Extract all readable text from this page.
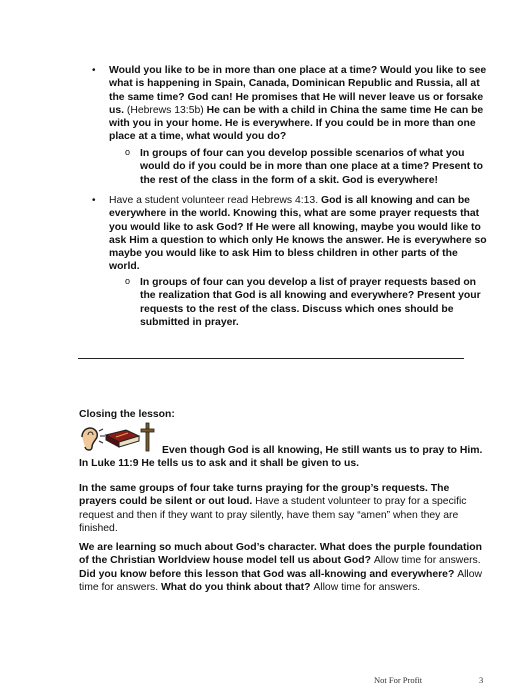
• Would you like to be in more than one place at a time? Would you like to see what is happening in Spain, Canada, Dominican Republic and Russia, all at the same time? God can! He promises that He will never leave us or forsake us. (Hebrews 13:5b) He can be with a child in China the same time He can be with you in your home. He is everywhere. If you could be in more than one place at a time, what would you do?
o In groups of four can you develop possible scenarios of what you would do if you could be in more than one place at a time? Present to the rest of the class in the form of a skit. God is everywhere!
• Have a student volunteer read Hebrews 4:13. God is all knowing and can be everywhere in the world. Knowing this, what are some prayer requests that you would like to ask God? If He were all knowing, maybe you would like to ask Him a question to which only He knows the answer. He is everywhere so maybe you would like to ask Him to bless children in other parts of the world.
o In groups of four can you develop a list of prayer requests based on the realization that God is all knowing and everywhere? Present your requests to the rest of the class. Discuss which ones should be submitted in prayer.
Closing the lesson:
Even though God is all knowing, He still wants us to pray to Him.
In Luke 11:9 He tells us to ask and it shall be given to us.
In the same groups of four take turns praying for the group’s requests. The prayers could be silent or out loud. Have a student volunteer to pray for a specific request and then if they want to pray silently, have them say “amen” when they are finished.
We are learning so much about God’s character. What does the purple foundation of the Christian Worldview house model tell us about God? Allow time for answers. Did you know before this lesson that God was all-knowing and everywhere? Allow time for answers. What do you think about that? Allow time for answers.
Not For Profit	3
